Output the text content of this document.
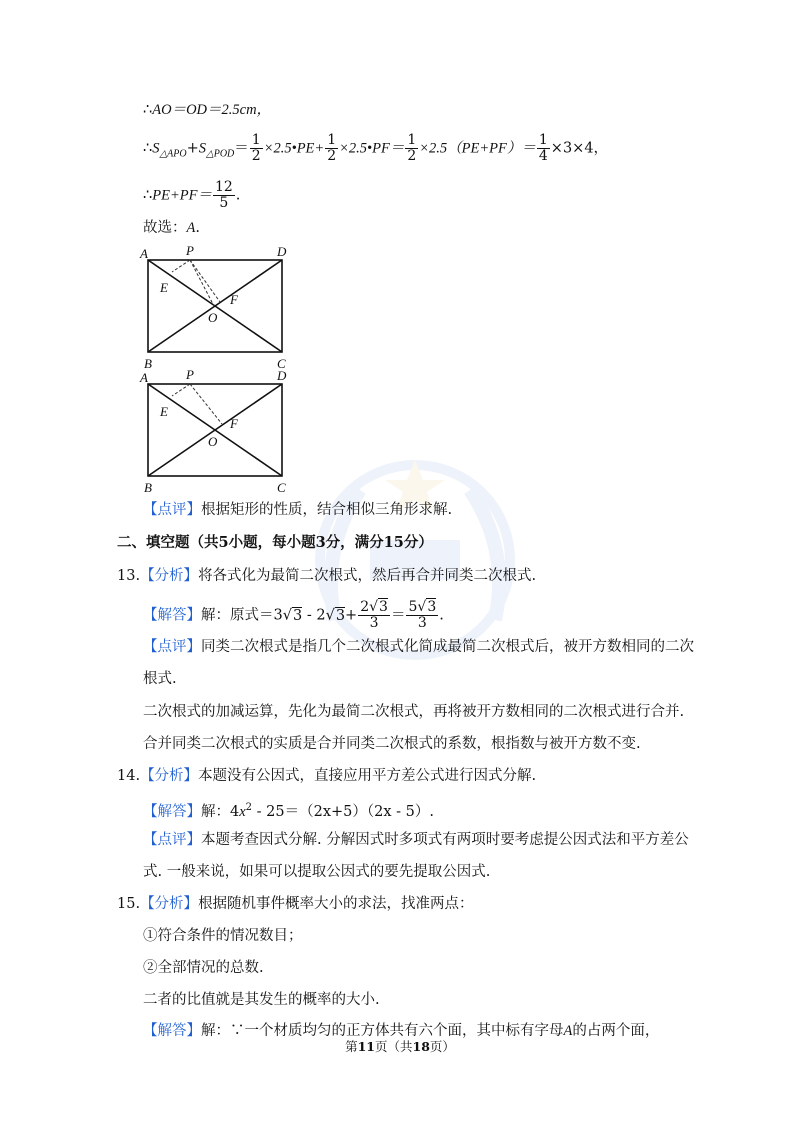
∴AO＝OD＝2.5cm，
$\therefore S_{\triangle APO}+S_{\triangle POD}= \frac{1}{2}$ ×2.5•PE+ $\frac{1}{2}$ ×2.5•PF＝ $\frac{1}{2} \times 2.5(PE+PF)= \frac{1}{4} \times 3\times 4$，
∴PE+PF＝ $\frac{12}{5}$ .
故选：A.
A	P	D
E
F
O
B	C
A	P	D
E
F
O
B	C
【点评】根据矩形的性质，结合相似三角形求解.
二、填空题（共5小题，每小题3分，满分15分）
13.【分析】将各式化为最简二次根式，然后再合并同类二次根式.
【解答】解：原式$=3√3 - 2√3+ \frac{2√3}{3} = \frac{5√3}{3}$ .
【点评】同类二次根式是指几个二次根式化简成最简二次根式后，被开方数相同的二次
根式.
二次根式的加减运算，先化为最简二次根式，再将被开方数相同的二次根式进行合并.
合并同类二次根式的实质是合并同类二次根式的系数，根指数与被开方数不变.
14.【分析】本题没有公因式，直接应用平方差公式进行因式分解.
【解答】解：$4x^2 - 25=(2x+5)(2x - 5)$.
【点评】本题考查因式分解. 分解因式时多项式有两项时要考虑提公因式法和平方差公
式. 一般来说，如果可以提取公因式的要先提取公因式.
15.【分析】根据随机事件概率大小的求法，找准两点：
①符合条件的情况数目；
②全部情况的总数.
二者的比值就是其发生的概率的大小.
【解答】解：∵一个材质均匀的正方体共有六个面，其中标有字母A的占两个面，
第11页（共18页）
